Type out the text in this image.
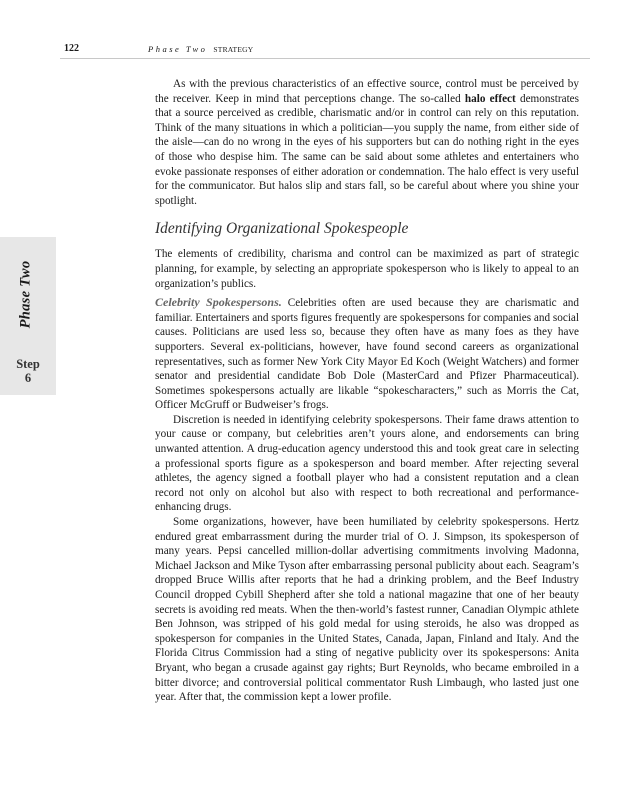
122	Phase Two STRATEGY
Phase Two
Step
6

As with the previous characteristics of an effective source, control must be perceived by the receiver. Keep in mind that perceptions change. The so-called halo effect demonstrates that a source perceived as credible, charismatic and/or in control can rely on this reputation. Think of the many situations in which a politician—you supply the name, from either side of the aisle—can do no wrong in the eyes of his supporters but can do nothing right in the eyes of those who despise him. The same can be said about some athletes and entertainers who evoke passionate responses of either adoration or condemnation. The halo effect is very useful for the communicator. But halos slip and stars fall, so be careful about where you shine your spotlight.

Identifying Organizational Spokespeople

The elements of credibility, charisma and control can be maximized as part of strategic planning, for example, by selecting an appropriate spokesperson who is likely to appeal to an organization’s publics.

Celebrity Spokespersons. Celebrities often are used because they are charismatic and familiar. Entertainers and sports figures frequently are spokespersons for companies and social causes. Politicians are used less so, because they often have as many foes as they have supporters. Several ex-politicians, however, have found second careers as organizational representatives, such as former New York City Mayor Ed Koch (Weight Watchers) and former senator and presidential candidate Bob Dole (MasterCard and Pfizer Pharmaceutical). Sometimes spokespersons actually are likable “spokescharacters,” such as Morris the Cat, Officer McGruff or Budweiser’s frogs.

Discretion is needed in identifying celebrity spokespersons. Their fame draws attention to your cause or company, but celebrities aren’t yours alone, and endorsements can bring unwanted attention. A drug-education agency understood this and took great care in selecting a professional sports figure as a spokesperson and board member. After rejecting several athletes, the agency signed a football player who had a consistent reputation and a clean record not only on alcohol but also with respect to both recreational and performance-enhancing drugs.

Some organizations, however, have been humiliated by celebrity spokespersons. Hertz endured great embarrassment during the murder trial of O. J. Simpson, its spokesperson of many years. Pepsi cancelled million-dollar advertising commitments involving Madonna, Michael Jackson and Mike Tyson after embarrassing personal publicity about each. Seagram’s dropped Bruce Willis after reports that he had a drinking problem, and the Beef Industry Council dropped Cybill Shepherd after she told a national magazine that one of her beauty secrets is avoiding red meats. When the then-world’s fastest runner, Canadian Olympic athlete Ben Johnson, was stripped of his gold medal for using steroids, he also was dropped as spokesperson for companies in the United States, Canada, Japan, Finland and Italy. And the Florida Citrus Commission had a sting of negative publicity over its spokespersons: Anita Bryant, who began a crusade against gay rights; Burt Reynolds, who became embroiled in a bitter divorce; and controversial political commentator Rush Limbaugh, who lasted just one year. After that, the commission kept a lower profile.
